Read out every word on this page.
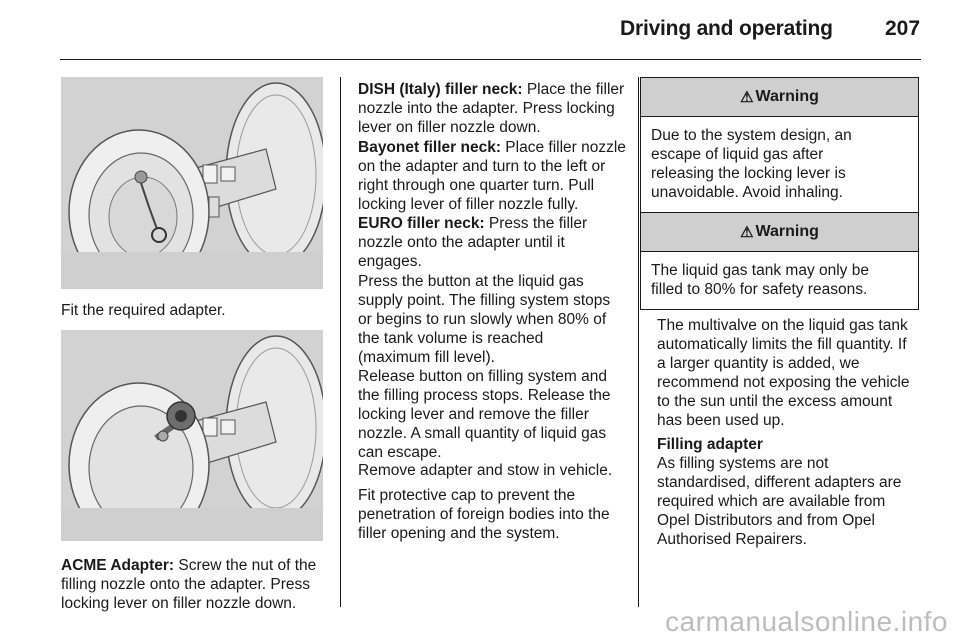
Driving and operating 207

Fit the required adapter.

ACME Adapter: Screw the nut of the
filling nozzle onto the adapter. Press
locking lever on filler nozzle down.

DISH (Italy) filler neck: Place the filler
nozzle into the adapter. Press locking
lever on filler nozzle down.

Bayonet filler neck: Place filler nozzle
on the adapter and turn to the left or
right through one quarter turn. Pull
locking lever of filler nozzle fully.

EURO filler neck: Press the filler
nozzle onto the adapter until it
engages.

Press the button at the liquid gas
supply point. The filling system stops
or begins to run slowly when 80% of
the tank volume is reached
(maximum fill level).

Release button on filling system and
the filling process stops. Release the
locking lever and remove the filler
nozzle. A small quantity of liquid gas
can escape.

Remove adapter and stow in vehicle.

Fit protective cap to prevent the
penetration of foreign bodies into the
filler opening and the system.

⚠ Warning
Due to the system design, an
escape of liquid gas after
releasing the locking lever is
unavoidable. Avoid inhaling.
⚠ Warning
The liquid gas tank may only be
filled to 80% for safety reasons.

The multivalve on the liquid gas tank
automatically limits the fill quantity. If
a larger quantity is added, we
recommend not exposing the vehicle
to the sun until the excess amount
has been used up.

Filling adapter
As filling systems are not
standardised, different adapters are
required which are available from
Opel Distributors and from Opel
Authorised Repairers.

carmanualsonline.info
